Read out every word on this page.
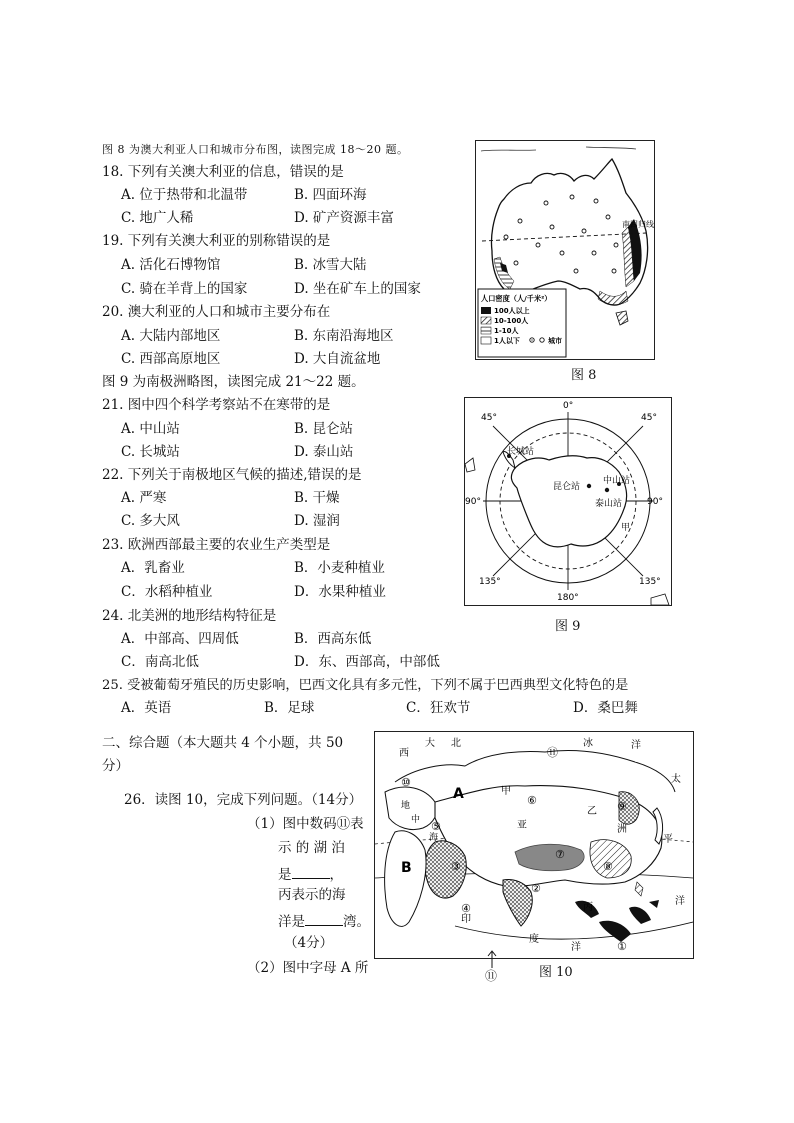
图 8 为澳大利亚人口和城市分布图，读图完成 18～20 题。
18. 下列有关澳大利亚的信息，错误的是
A. 位于热带和北温带	B. 四面环海
C. 地广人稀	D. 矿产资源丰富
19. 下列有关澳大利亚的别称错误的是
A. 活化石博物馆	B. 冰雪大陆
C. 骑在羊背上的国家	D. 坐在矿车上的国家
20. 澳大利亚的人口和城市主要分布在
A. 大陆内部地区	B. 东南沿海地区
C. 西部高原地区	D. 大自流盆地
图 9 为南极洲略图，读图完成 21～22 题。
21. 图中四个科学考察站不在寒带的是
A. 中山站	B. 昆仑站
C. 长城站	D. 泰山站
22. 下列关于南极地区气候的描述,错误的是
A. 严寒	B. 干燥
C. 多大风	D. 湿润
23. 欧洲西部最主要的农业生产类型是
A．乳畜业	B．小麦种植业
C．水稻种植业	D．水果种植业
24. 北美洲的地形结构特征是
A．中部高、四周低	B．西高东低
C．南高北低	D．东、西部高，中部低
25. 受被葡萄牙殖民的历史影响，巴西文化具有多元性，下列不属于巴西典型文化特色的是
A．英语	B．足球	C．狂欢节	D．桑巴舞
二、综合题（本大题共 4 个小题，共 50
分）
26．读图 10，完成下列问题。（14分）
（1）图中数码⑪表
示 的 湖 泊
是	，
丙表示的海
洋是	湾。
（4分）
（2）图中字母 A 所
南回归线
人口密度（人/千米²）
100人以上
10-100人
1-10人
1人以下	城市
图 8
0°
45°	45°
90°	90°
135°	135°
180°
长城站
昆仑站
中山站
泰山站
甲
图 9
A
B
甲
乙
丙
亚	洲
印
度
洋
太
平
洋
北	冰	洋
西
大
中
地
海
①
②
③
④
⑤
⑥
⑦
⑧
⑨
⑩
⑪
⑪	图 10
